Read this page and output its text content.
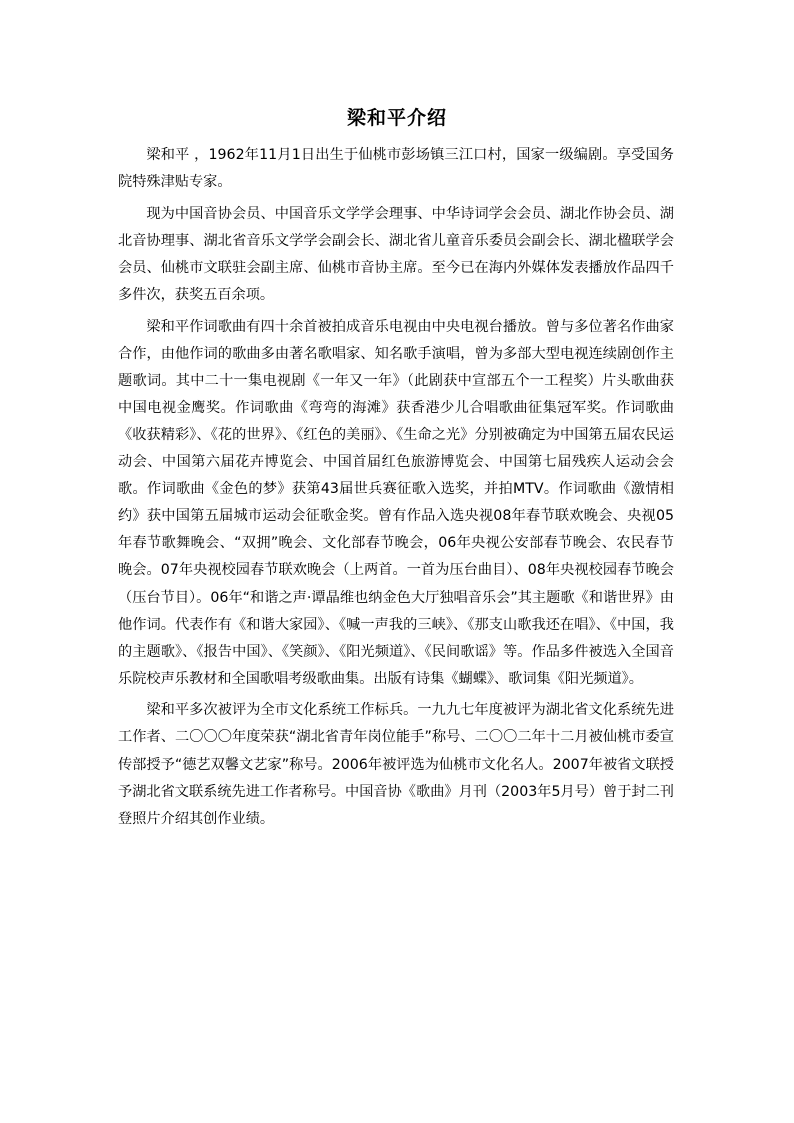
梁和平介绍

梁和平 ，1962年11月1日出生于仙桃市彭场镇三江口村，国家一级编剧。享受国务院特殊津贴专家。

现为中国音协会员、中国音乐文学学会理事、中华诗词学会会员、湖北作协会员、湖北音协理事、湖北省音乐文学学会副会长、湖北省儿童音乐委员会副会长、湖北楹联学会会员、仙桃市文联驻会副主席、仙桃市音协主席。至今已在海内外媒体发表播放作品四千多件次，获奖五百余项。

梁和平作词歌曲有四十余首被拍成音乐电视由中央电视台播放。曾与多位著名作曲家合作，由他作词的歌曲多由著名歌唱家、知名歌手演唱，曾为多部大型电视连续剧创作主题歌词。其中二十一集电视剧《一年又一年》（此剧获中宣部五个一工程奖）片头歌曲获中国电视金鹰奖。作词歌曲《弯弯的海滩》获香港少儿合唱歌曲征集冠军奖。作词歌曲《收获精彩》、《花的世界》、《红色的美丽》、《生命之光》分别被确定为中国第五届农民运动会、中国第六届花卉博览会、中国首届红色旅游博览会、中国第七届残疾人运动会会歌。作词歌曲《金色的梦》获第43届世兵赛征歌入选奖，并拍MTV。作词歌曲《激情相约》获中国第五届城市运动会征歌金奖。曾有作品入选央视08年春节联欢晚会、央视05年春节歌舞晚会、“双拥”晚会、文化部春节晚会，06年央视公安部春节晚会、农民春节晚会。07年央视校园春节联欢晚会（上两首。一首为压台曲目）、08年央视校园春节晚会（压台节目）。06年“和谐之声·谭晶维也纳金色大厅独唱音乐会”其主题歌《和谐世界》由他作词。代表作有《和谐大家园》、《喊一声我的三峡》、《那支山歌我还在唱》、《中国，我的主题歌》、《报告中国》、《笑颜》、《阳光频道》、《民间歌谣》等。作品多件被选入全国音乐院校声乐教材和全国歌唱考级歌曲集。出版有诗集《蝴蝶》、歌词集《阳光频道》。

梁和平多次被评为全市文化系统工作标兵。一九九七年度被评为湖北省文化系统先进工作者、二〇〇〇年度荣获“湖北省青年岗位能手”称号、二〇〇二年十二月被仙桃市委宣传部授予“德艺双馨文艺家”称号。2006年被评选为仙桃市文化名人。2007年被省文联授予湖北省文联系统先进工作者称号。中国音协《歌曲》月刊（2003年5月号）曾于封二刊登照片介绍其创作业绩。
